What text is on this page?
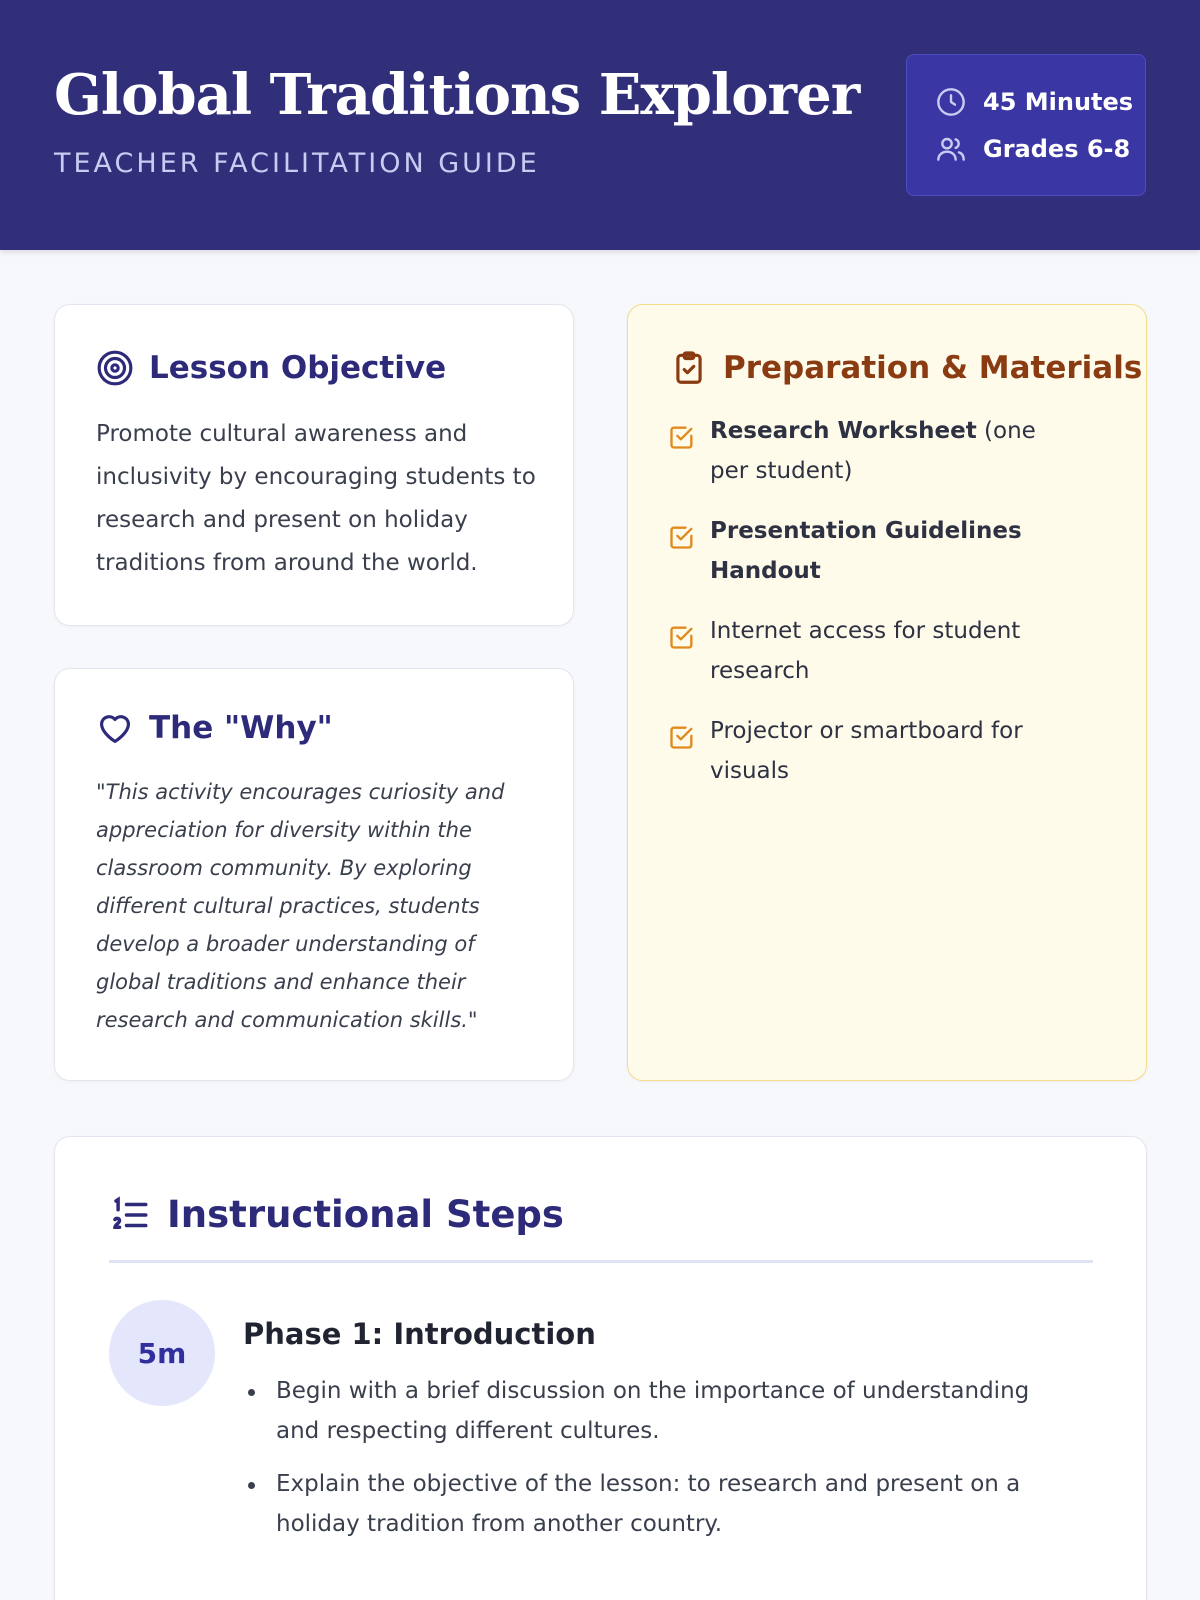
Global Traditions Explorer
TEACHER FACILITATION GUIDE
45 Minutes
Grades 6-8
Lesson Objective
Promote cultural awareness and inclusivity by encouraging students to research and present on holiday traditions from around the world.
The "Why"
"This activity encourages curiosity and appreciation for diversity within the classroom community. By exploring different cultural practices, students develop a broader understanding of global traditions and enhance their research and communication skills."
Preparation & Materials
Research Worksheet (one per student)
Presentation Guidelines Handout
Internet access for student research
Projector or smartboard for visuals
Instructional Steps
5m
Phase 1: Introduction
Begin with a brief discussion on the importance of understanding and respecting different cultures.
Explain the objective of the lesson: to research and present on a holiday tradition from another country.
